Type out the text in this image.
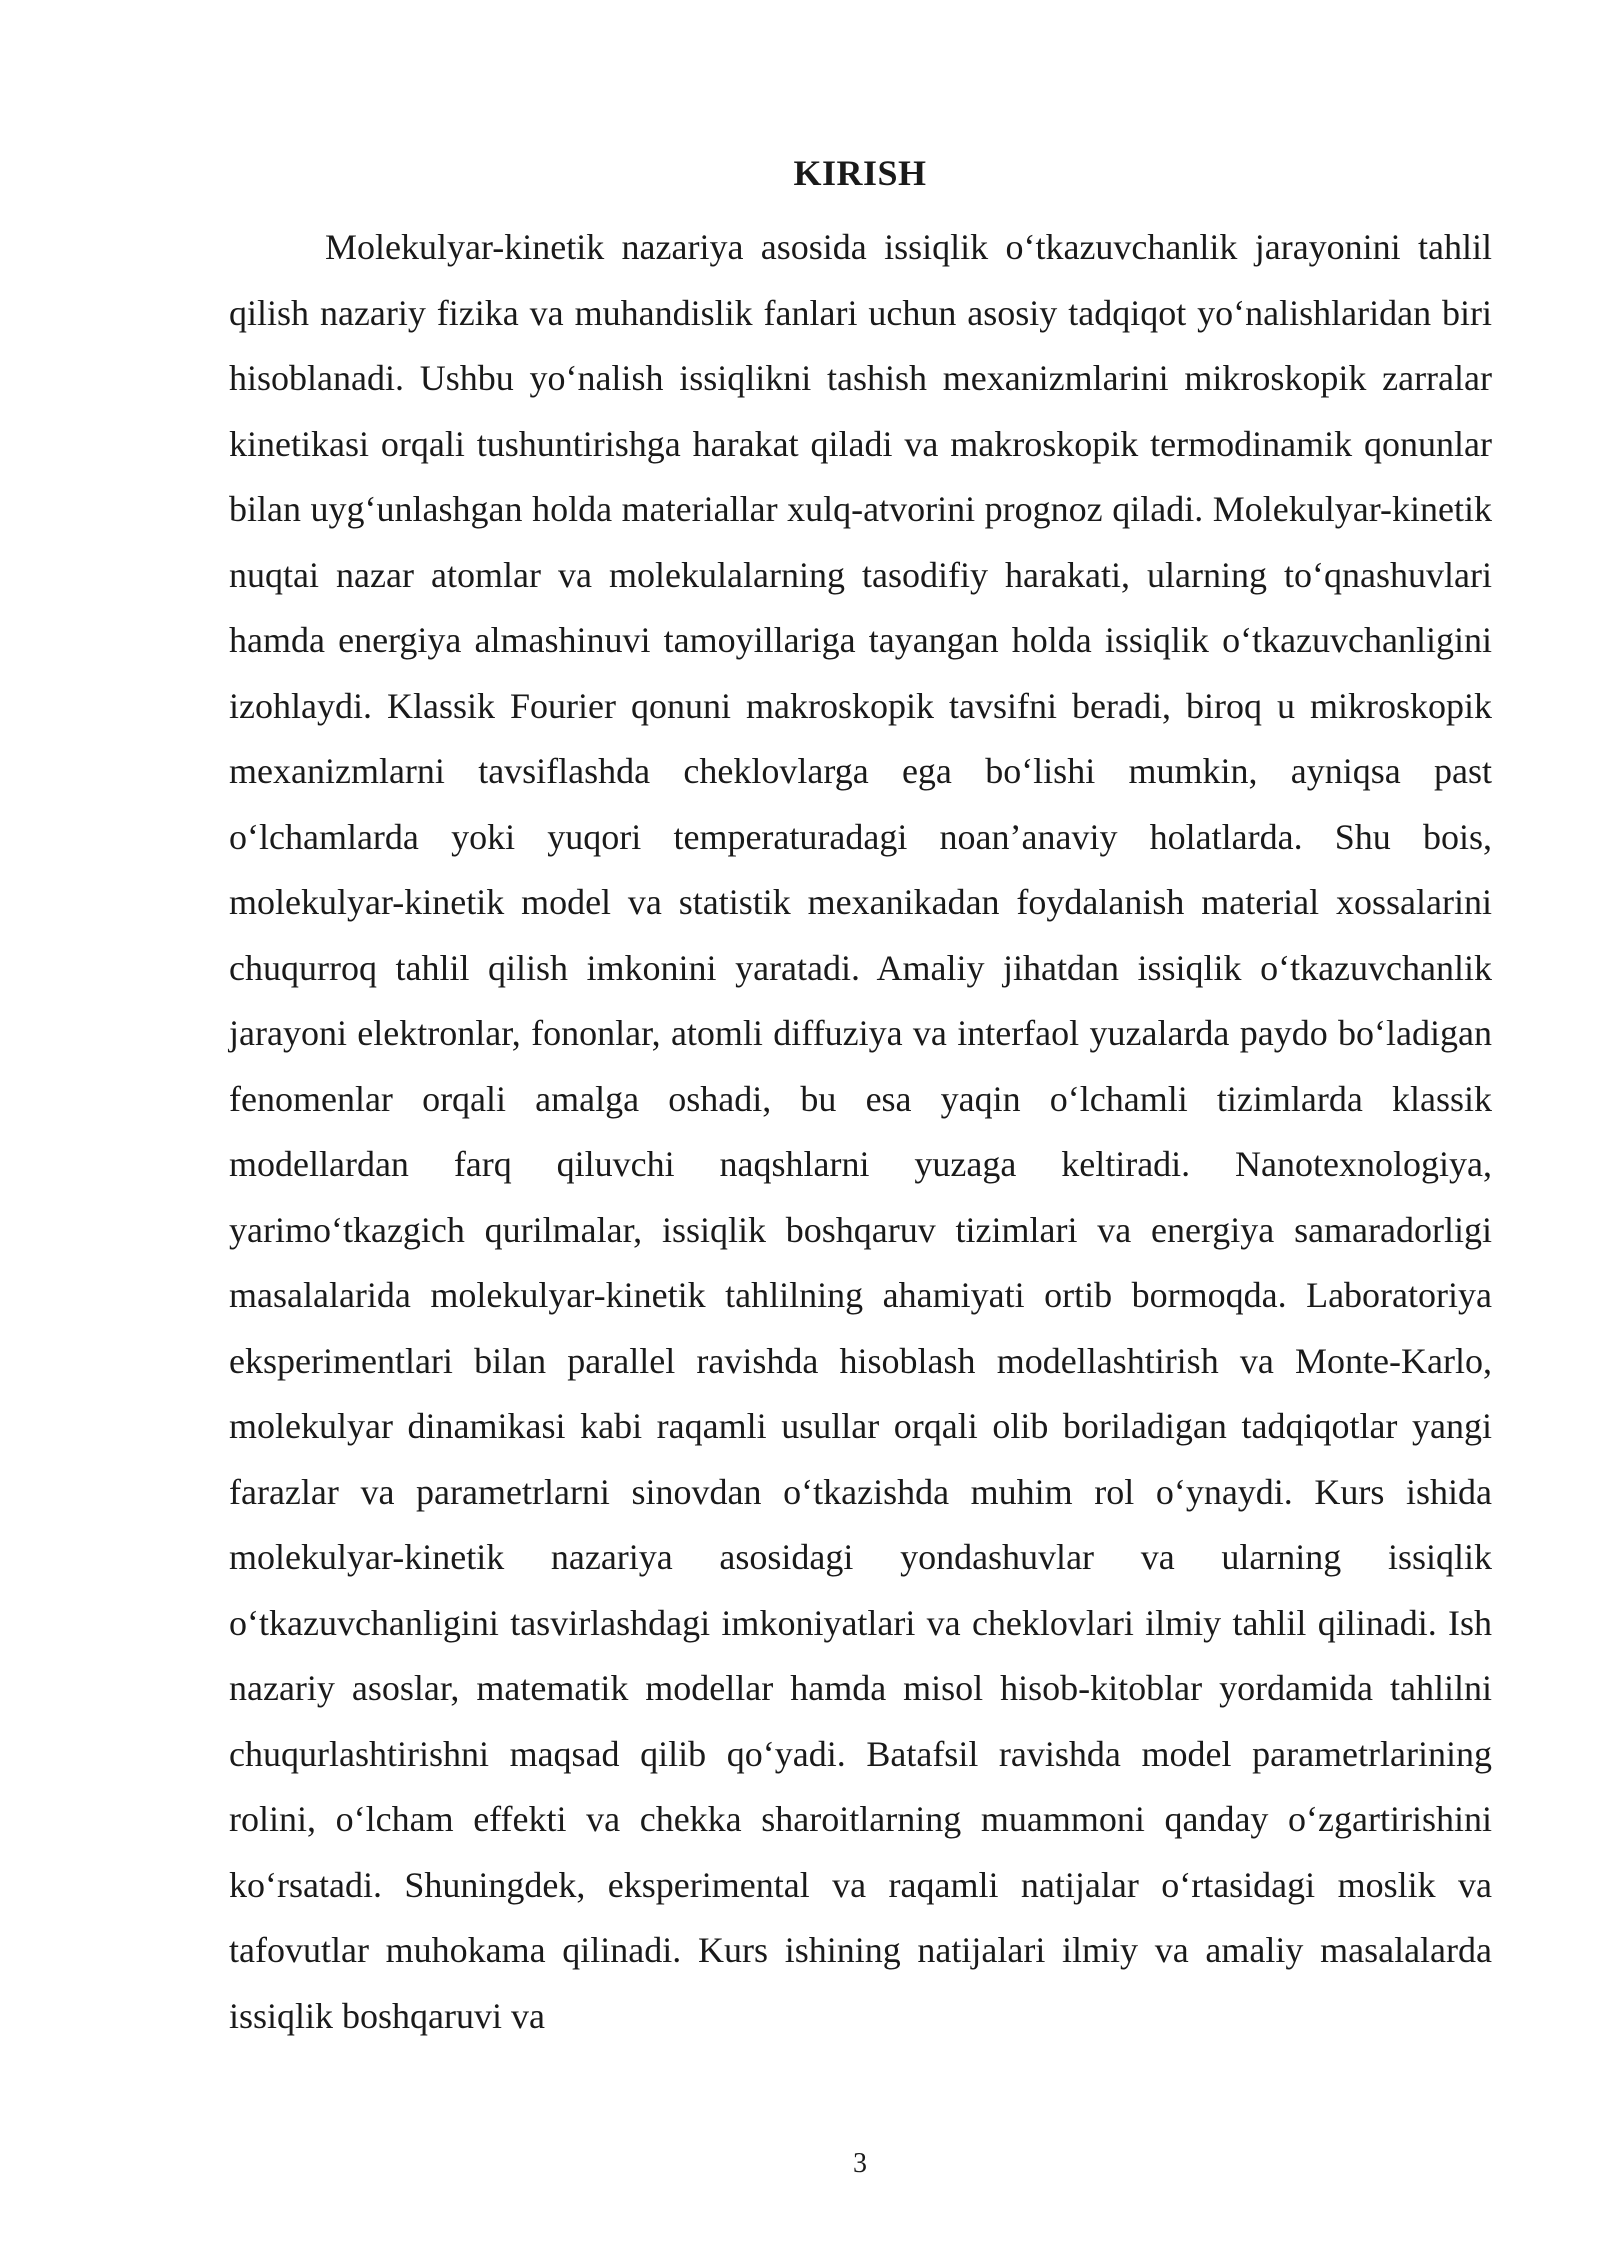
KIRISH

Molekulyar-kinetik nazariya asosida issiqlik o‘tkazuvchanlik jarayonini tahlil qilish nazariy fizika va muhandislik fanlari uchun asosiy tadqiqot yo‘nalishlaridan biri hisoblanadi. Ushbu yo‘nalish issiqlikni tashish mexanizmlarini mikroskopik zarralar kinetikasi orqali tushuntirishga harakat qiladi va makroskopik termodinamik qonunlar bilan uyg‘unlashgan holda materiallar xulq-atvorini prognoz qiladi. Molekulyar-kinetik nuqtai nazar atomlar va molekulalarning tasodifiy harakati, ularning to‘qnashuvlari hamda energiya almashinuvi tamoyillariga tayangan holda issiqlik o‘tkazuvchanligini izohlaydi. Klassik Fourier qonuni makroskopik tavsifni beradi, biroq u mikroskopik mexanizmlarni tavsiflashda cheklovlarga ega bo‘lishi mumkin, ayniqsa past o‘lchamlarda yoki yuqori temperaturadagi noan’anaviy holatlarda. Shu bois, molekulyar-kinetik model va statistik mexanikadan foydalanish material xossalarini chuqurroq tahlil qilish imkonini yaratadi. Amaliy jihatdan issiqlik o‘tkazuvchanlik jarayoni elektronlar, fononlar, atomli diffuziya va interfaol yuzalarda paydo bo‘ladigan fenomenlar orqali amalga oshadi, bu esa yaqin o‘lchamli tizimlarda klassik modellardan farq qiluvchi naqshlarni yuzaga keltiradi. Nanotexnologiya, yarimo‘tkazgich qurilmalar, issiqlik boshqaruv tizimlari va energiya samaradorligi masalalarida molekulyar-kinetik tahlilning ahamiyati ortib bormoqda. Laboratoriya eksperimentlari bilan parallel ravishda hisoblash modellashtirish va Monte-Karlo, molekulyar dinamikasi kabi raqamli usullar orqali olib boriladigan tadqiqotlar yangi farazlar va parametrlarni sinovdan o‘tkazishda muhim rol o‘ynaydi. Kurs ishida molekulyar-kinetik nazariya asosidagi yondashuvlar va ularning issiqlik o‘tkazuvchanligini tasvirlashdagi imkoniyatlari va cheklovlari ilmiy tahlil qilinadi. Ish nazariy asoslar, matematik modellar hamda misol hisob-kitoblar yordamida tahlilni chuqurlashtirishni maqsad qilib qo‘yadi. Batafsil ravishda model parametrlarining rolini, o‘lcham effekti va chekka sharoitlarning muammoni qanday o‘zgartirishini ko‘rsatadi. Shuningdek, eksperimental va raqamli natijalar o‘rtasidagi moslik va tafovutlar muhokama qilinadi. Kurs ishining natijalari ilmiy va amaliy masalalarda issiqlik boshqaruvi va

3
